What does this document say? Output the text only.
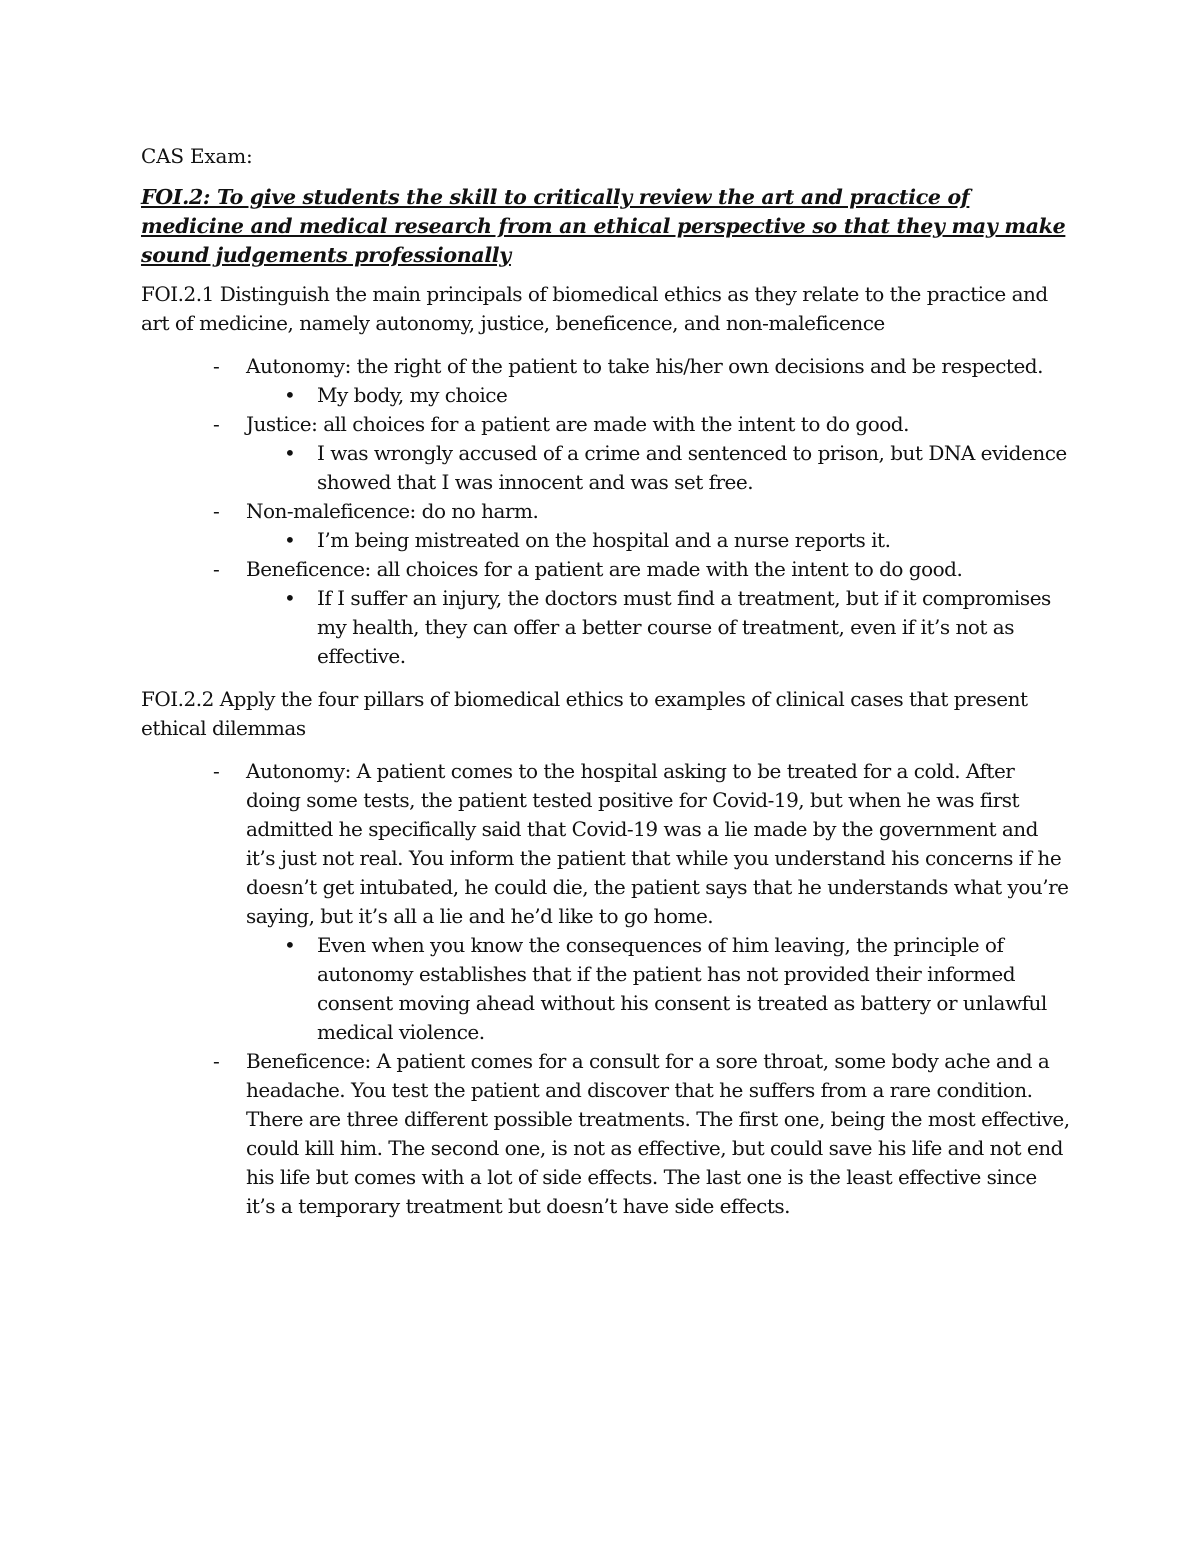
CAS Exam:
FOI.2: To give students the skill to critically review the art and practice of medicine and medical research from an ethical perspective so that they may make sound judgements professionally
FOI.2.1 Distinguish the main principals of biomedical ethics as they relate to the practice and art of medicine, namely autonomy, justice, beneficence, and non-maleficence
- Autonomy: the right of the patient to take his/her own decisions and be respected.
• My body, my choice
- Justice: all choices for a patient are made with the intent to do good.
• I was wrongly accused of a crime and sentenced to prison, but DNA evidence showed that I was innocent and was set free.
- Non-maleficence: do no harm.
• I’m being mistreated on the hospital and a nurse reports it.
- Beneficence: all choices for a patient are made with the intent to do good.
• If I suffer an injury, the doctors must find a treatment, but if it compromises my health, they can offer a better course of treatment, even if it’s not as effective.
FOI.2.2 Apply the four pillars of biomedical ethics to examples of clinical cases that present ethical dilemmas
- Autonomy: A patient comes to the hospital asking to be treated for a cold. After doing some tests, the patient tested positive for Covid-19, but when he was first admitted he specifically said that Covid-19 was a lie made by the government and it’s just not real. You inform the patient that while you understand his concerns if he doesn’t get intubated, he could die, the patient says that he understands what you’re saying, but it’s all a lie and he’d like to go home.
• Even when you know the consequences of him leaving, the principle of autonomy establishes that if the patient has not provided their informed consent moving ahead without his consent is treated as battery or unlawful medical violence.
- Beneficence: A patient comes for a consult for a sore throat, some body ache and a headache. You test the patient and discover that he suffers from a rare condition. There are three different possible treatments. The first one, being the most effective, could kill him. The second one, is not as effective, but could save his life and not end his life but comes with a lot of side effects. The last one is the least effective since it’s a temporary treatment but doesn’t have side effects.
